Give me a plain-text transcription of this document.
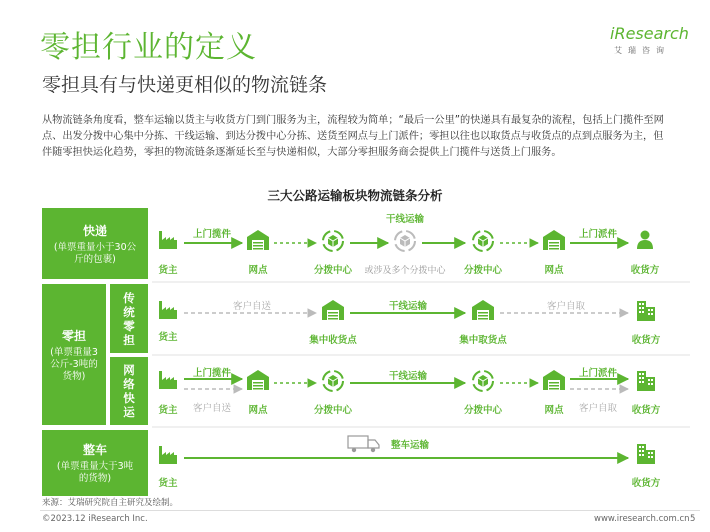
零担行业的定义
零担具有与快递更相似的物流链条
iResearch
艾瑞咨询
从物流链条角度看，整车运输以货主与收货方门到门服务为主，流程较为简单；“最后一公里”的快递具有最复杂的流程，包括上门揽件至网点、出发分拨中心集中分拣、干线运输、到达分拨中心分拣、送货至网点与上门派件；零担以往也以取货点与收货点的点到点服务为主，但伴随零担快运化趋势，零担的物流链条逐渐延长至与快递相似，大部分零担服务商会提供上门揽件与送货上门服务。
三大公路运输板块物流链条分析
快递
(单票重量小于30公斤的包裹)
零担
(单票重量3公斤-3吨的货物)
传统零担
网络快运
整车
(单票重量大于3吨的货物)
货主	网点	分拨中心 或涉及多个分拨中心 分拨中心	网点	收货方
上门揽件
干线运输
上门派件
货主	集中收货点	集中取货点	收货方
客户自送	干线运输	客户自取
货主	网点	分拨中心	分拨中心	网点	收货方
上门揽件
客户自送
干线运输	上门派件
客户自取
货主	收货方
整车运输
来源：艾瑞研究院自主研究及绘制。
©2023.12 iResearch Inc.	www.iresearch.com.cn 5
